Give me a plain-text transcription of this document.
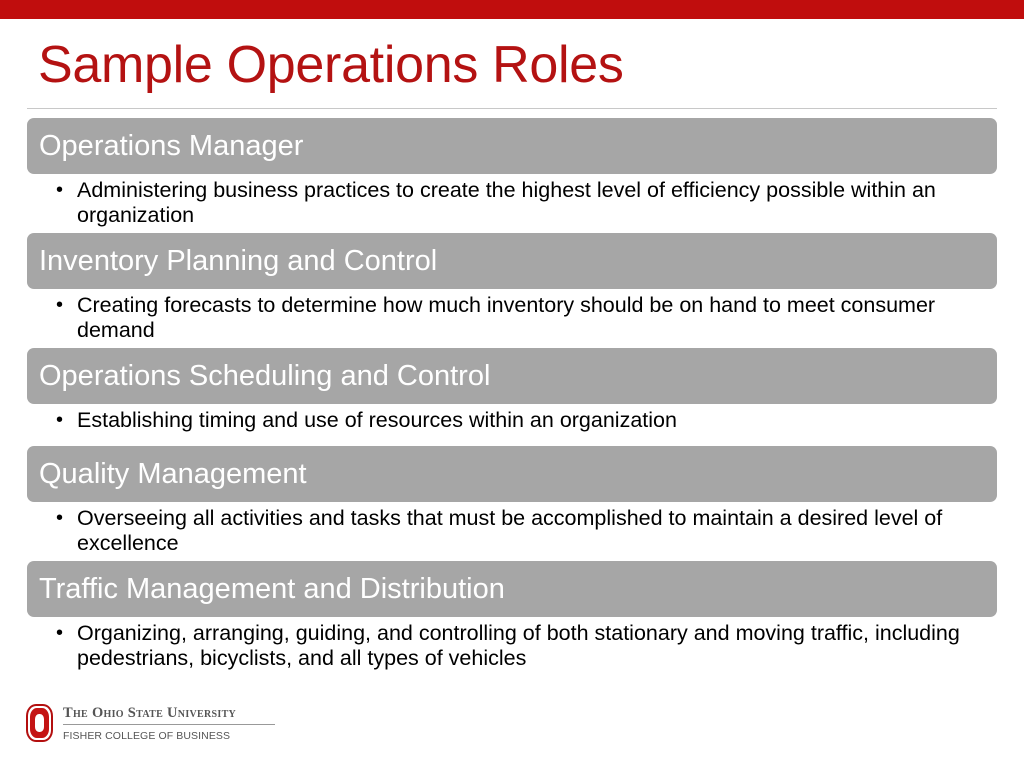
Sample Operations Roles
Operations Manager
• Administering business practices to create the highest level of efficiency possible within an organization
Inventory Planning and Control
• Creating forecasts to determine how much inventory should be on hand to meet consumer demand
Operations Scheduling and Control
• Establishing timing and use of resources within an organization
Quality Management
• Overseeing all activities and tasks that must be accomplished to maintain a desired level of excellence
Traffic Management and Distribution
• Organizing, arranging, guiding, and controlling of both stationary and moving traffic, including pedestrians, bicyclists, and all types of vehicles
The Ohio State University
FISHER COLLEGE OF BUSINESS
